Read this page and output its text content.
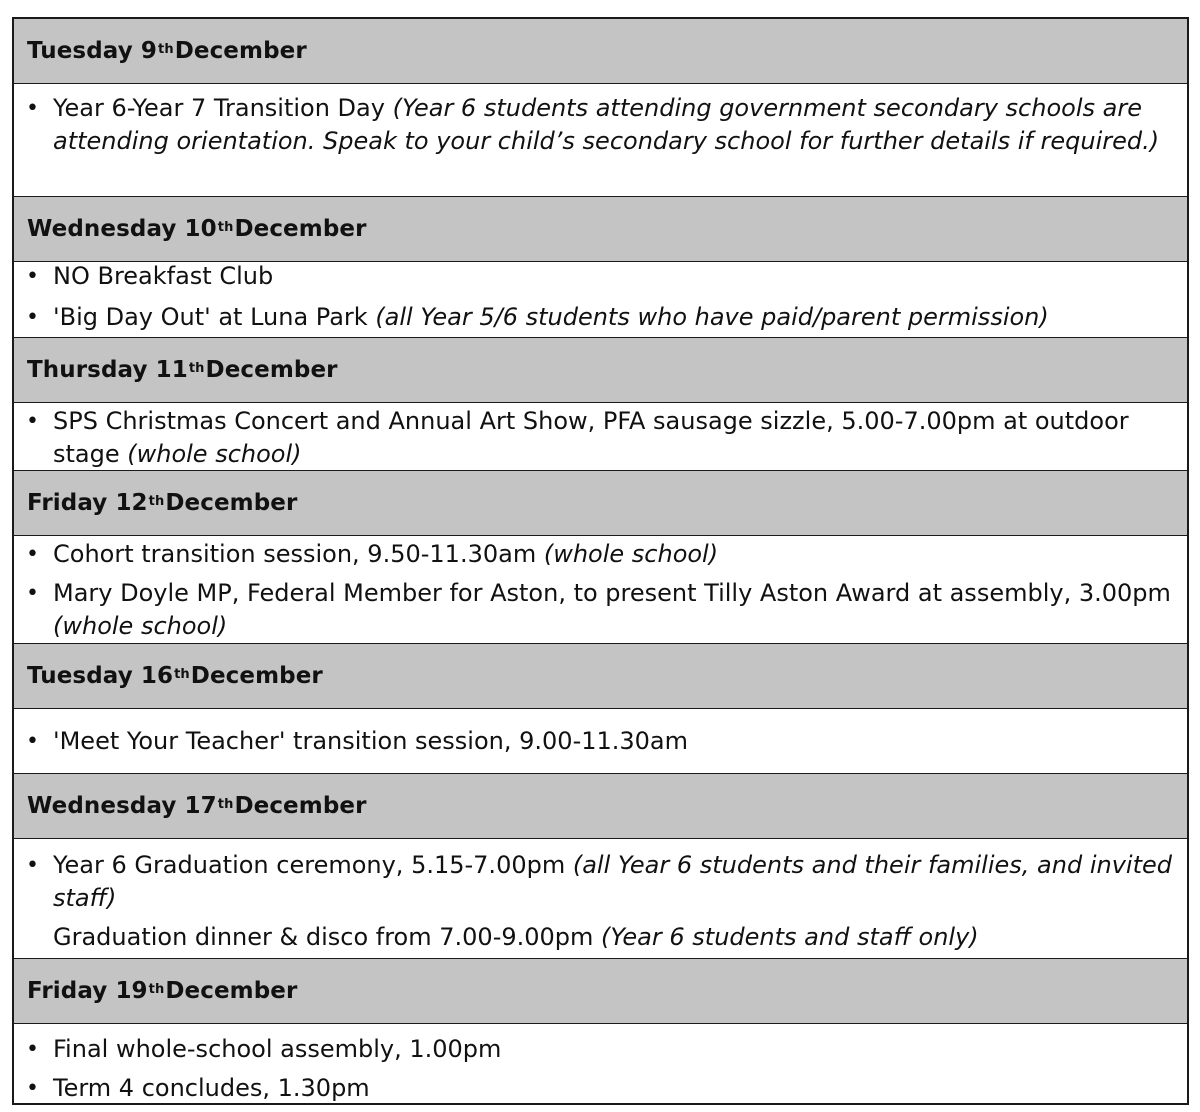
Tuesday 9th December
• Year 6-Year 7 Transition Day (Year 6 students attending government secondary schools are attending orientation. Speak to your child’s secondary school for further details if required.)
Wednesday 10th December
• NO Breakfast Club
• 'Big Day Out' at Luna Park (all Year 5/6 students who have paid/parent permission)
Thursday 11th December
• SPS Christmas Concert and Annual Art Show, PFA sausage sizzle, 5.00-7.00pm at outdoor stage (whole school)
Friday 12th December
• Cohort transition session, 9.50-11.30am (whole school)
• Mary Doyle MP, Federal Member for Aston, to present Tilly Aston Award at assembly, 3.00pm (whole school)
Tuesday 16th December
• 'Meet Your Teacher' transition session, 9.00-11.30am
Wednesday 17th December
• Year 6 Graduation ceremony, 5.15-7.00pm (all Year 6 students and their families, and invited staff)
Graduation dinner & disco from 7.00-9.00pm (Year 6 students and staff only)
Friday 19th December
• Final whole-school assembly, 1.00pm
• Term 4 concludes, 1.30pm
